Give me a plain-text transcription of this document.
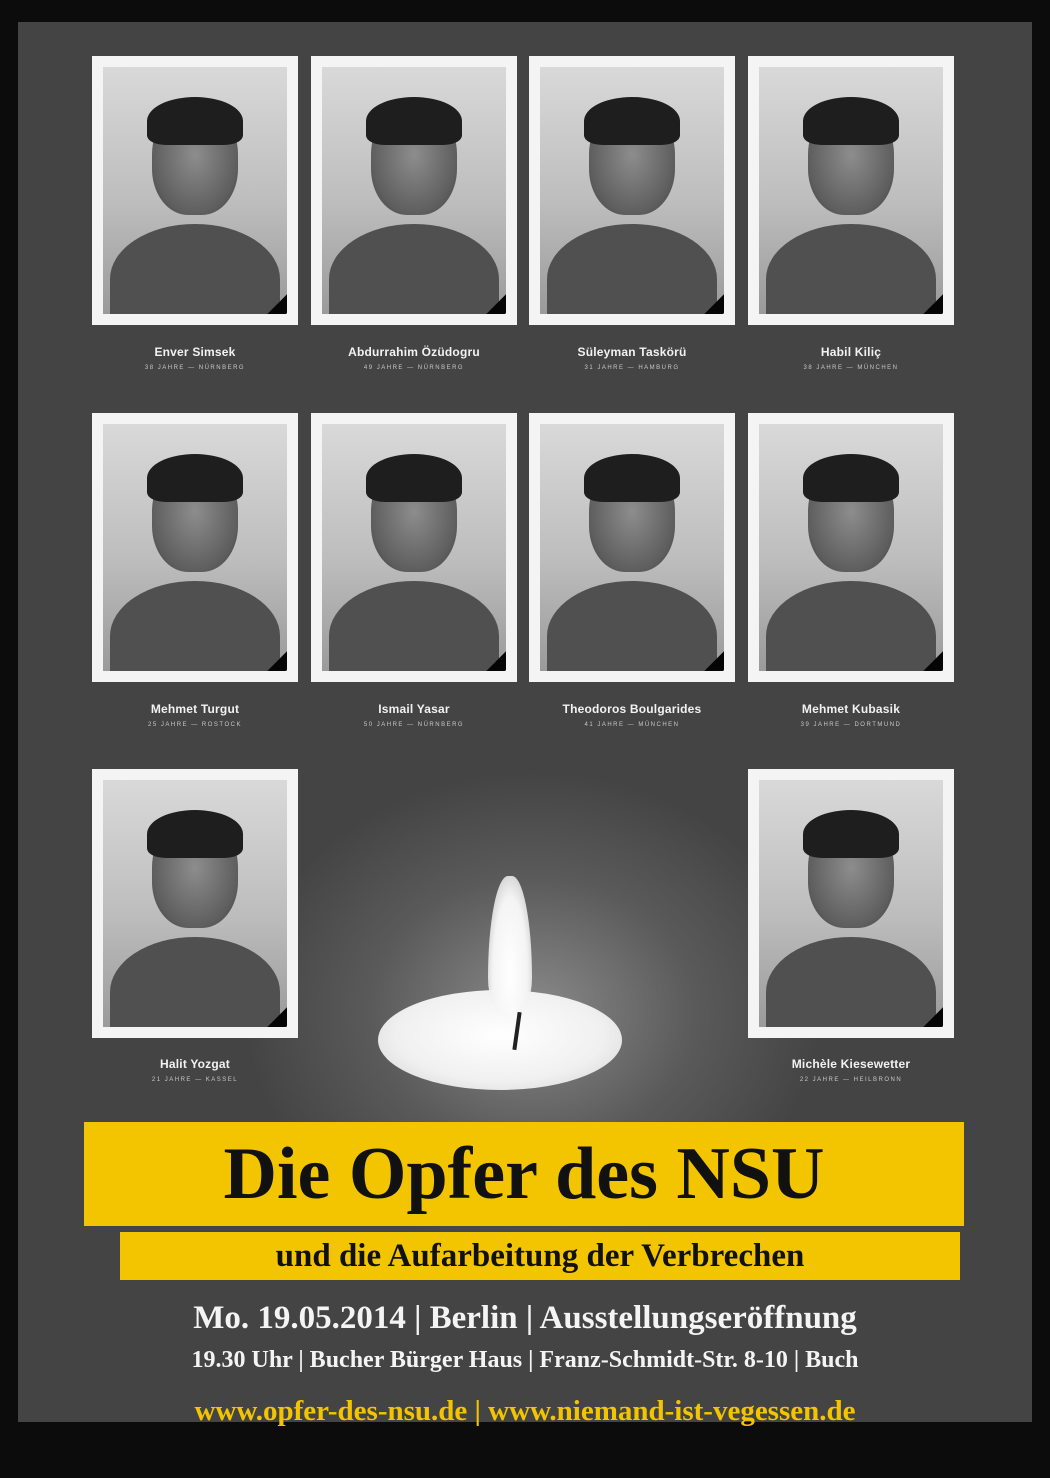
Enver Simsek
38 JAHRE — NÜRNBERG
Abdurrahim Özüdogru
49 JAHRE — NÜRNBERG
Süleyman Taskörü
31 JAHRE — HAMBURG
Habil Kiliç
38 JAHRE — MÜNCHEN
Mehmet Turgut
25 JAHRE — ROSTOCK
Ismail Yasar
50 JAHRE — NÜRNBERG
Theodoros Boulgarides
41 JAHRE — MÜNCHEN
Mehmet Kubasik
39 JAHRE — DORTMUND
Halit Yozgat
21 JAHRE — KASSEL
Michèle Kiesewetter
22 JAHRE — HEILBRONN
Die Opfer des NSU
und die Aufarbeitung der Verbrechen
Mo. 19.05.2014 | Berlin | Ausstellungseröffnung
19.30 Uhr | Bucher Bürger Haus | Franz-Schmidt-Str. 8-10 | Buch
www.opfer-des-nsu.de | www.niemand-ist-vegessen.de
